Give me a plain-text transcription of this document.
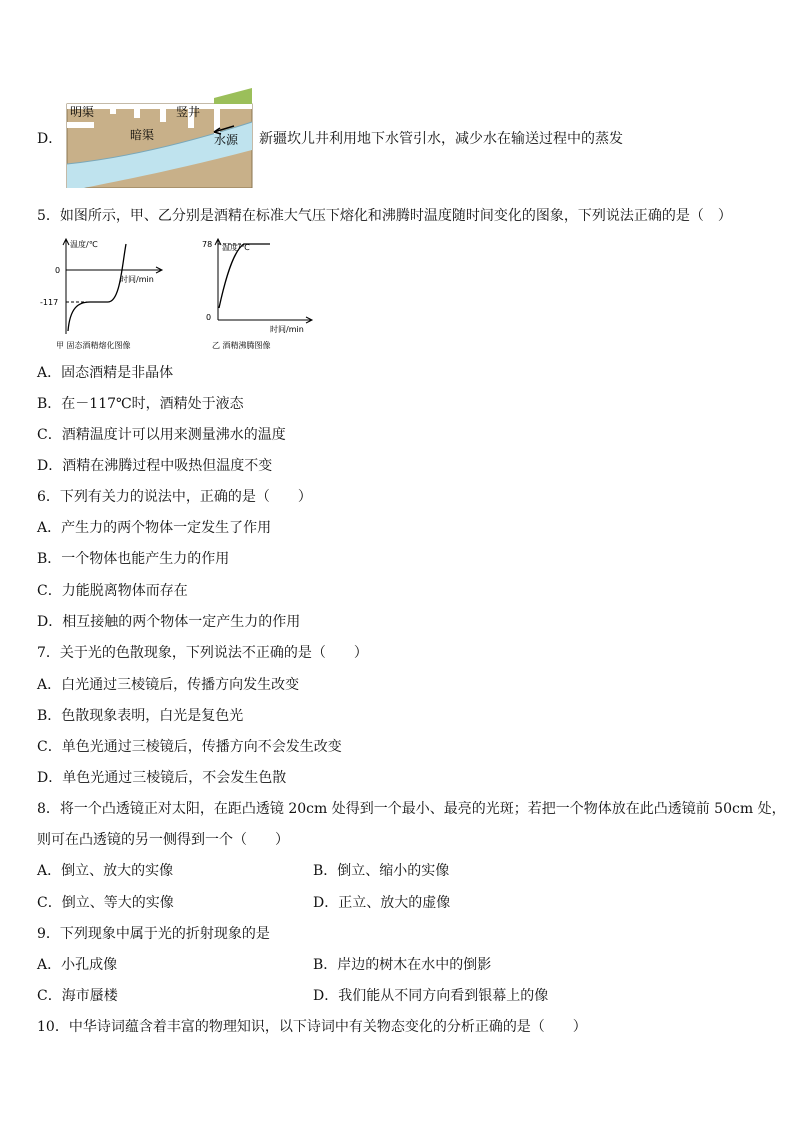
D．
明渠	竖井
暗渠	水源 新疆坎儿井利用地下水管引水，减少水在输送过程中的蒸发
5．如图所示，甲、乙分别是酒精在标准大气压下熔化和沸腾时温度随时间变化的图象，下列说法正确的是（　）
温度/℃
0
-117
时间/min
甲 固态酒精熔化图像
温度/℃
78
0
时间/min
乙 酒精沸腾图像
A．固态酒精是非晶体
B．在－117℃时，酒精处于液态
C．酒精温度计可以用来测量沸水的温度
D．酒精在沸腾过程中吸热但温度不变
6．下列有关力的说法中，正确的是（　　）
A．产生力的两个物体一定发生了作用
B．一个物体也能产生力的作用
C．力能脱离物体而存在
D．相互接触的两个物体一定产生力的作用
7．关于光的色散现象，下列说法不正确的是（　　）
A．白光通过三棱镜后，传播方向发生改变
B．色散现象表明，白光是复色光
C．单色光通过三棱镜后，传播方向不会发生改变
D．单色光通过三棱镜后，不会发生色散
8．将一个凸透镜正对太阳，在距凸透镜 20cm 处得到一个最小、最亮的光斑；若把一个物体放在此凸透镜前 50cm 处，
则可在凸透镜的另一侧得到一个（　　）
A．倒立、放大的实像	B．倒立、缩小的实像
C．倒立、等大的实像	D．正立、放大的虚像
9．下列现象中属于光的折射现象的是
A．小孔成像	B．岸边的树木在水中的倒影
C．海市蜃楼	D．我们能从不同方向看到银幕上的像
10．中华诗词蕴含着丰富的物理知识，以下诗词中有关物态变化的分析正确的是（　　）
